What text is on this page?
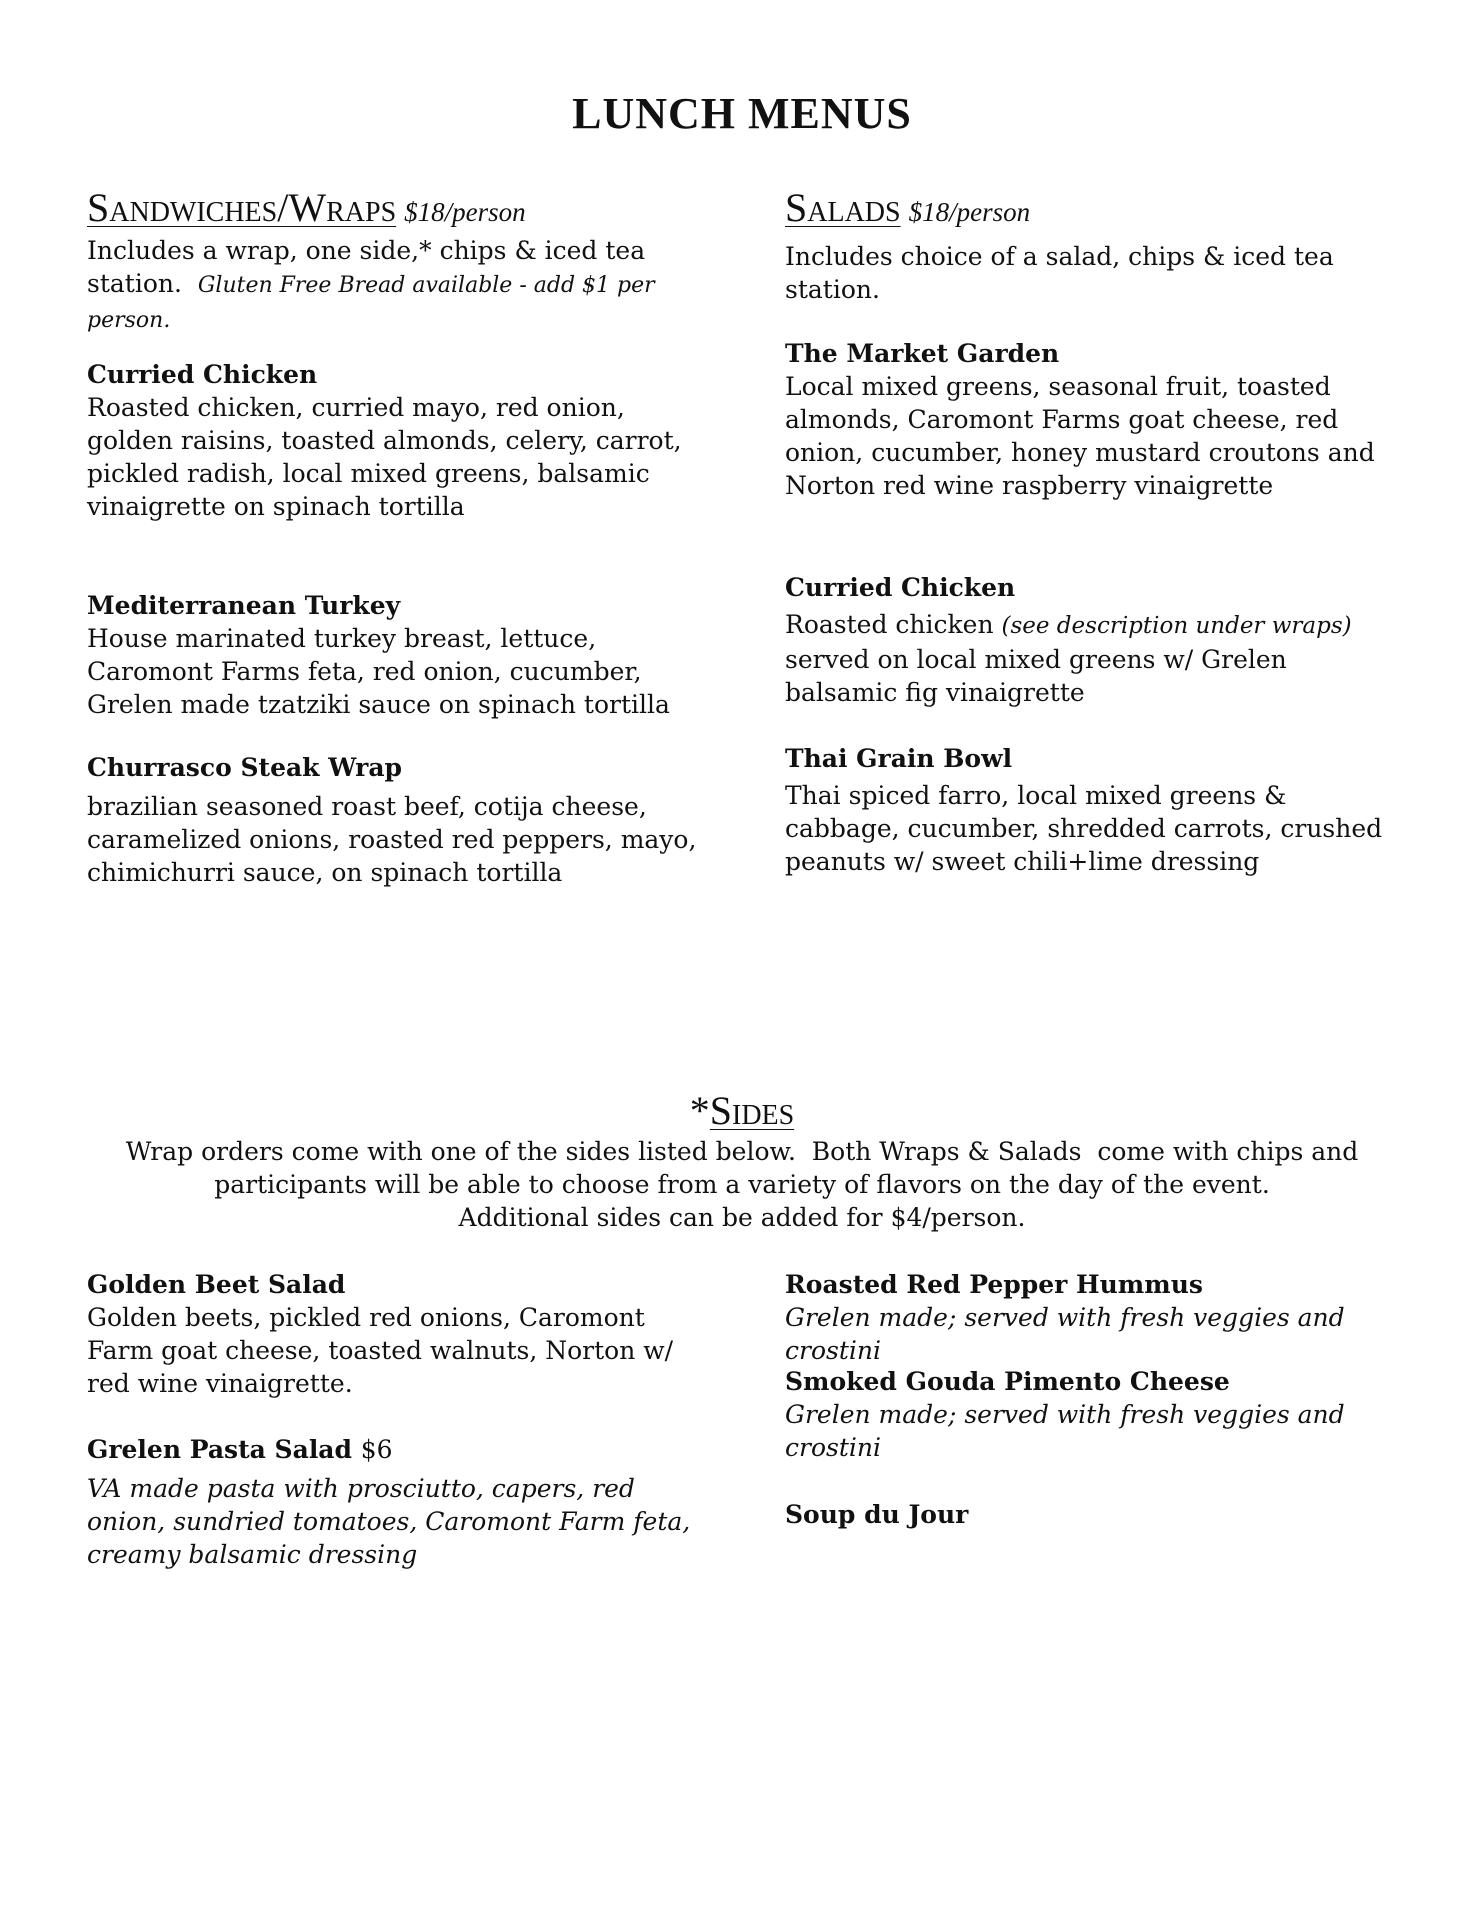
LUNCH MENUS
Sandwiches/Wraps $18/person
Includes a wrap, one side,* chips & iced tea
station. Gluten Free Bread available - add $1 per person.
Curried Chicken
Roasted chicken, curried mayo, red onion, golden raisins, toasted almonds, celery, carrot, pickled radish, local mixed greens, balsamic vinaigrette on spinach tortilla
Mediterranean Turkey
House marinated turkey breast, lettuce, Caromont Farms feta, red onion, cucumber, Grelen made tzatziki sauce on spinach tortilla
Churrasco Steak Wrap
brazilian seasoned roast beef, cotija cheese, caramelized onions, roasted red peppers, mayo, chimichurri sauce, on spinach tortilla
Salads $18/person
Includes choice of a salad, chips & iced tea station.
The Market Garden
Local mixed greens, seasonal fruit, toasted almonds, Caromont Farms goat cheese, red onion, cucumber, honey mustard croutons and Norton red wine raspberry vinaigrette
Curried Chicken
Roasted chicken (see description under wraps) served on local mixed greens w/ Grelen balsamic fig vinaigrette
Thai Grain Bowl
Thai spiced farro, local mixed greens & cabbage, cucumber, shredded carrots, crushed peanuts w/ sweet chili+lime dressing
*Sides
Wrap orders come with one of the sides listed below.  Both Wraps & Salads  come with chips and
participants will be able to choose from a variety of flavors on the day of the event.
Additional sides can be added for $4/person.
Golden Beet Salad
Golden beets, pickled red onions, Caromont Farm goat cheese, toasted walnuts, Norton w/ red wine vinaigrette.
Grelen Pasta Salad $6
VA made pasta with prosciutto, capers, red onion, sundried tomatoes, Caromont Farm feta, creamy balsamic dressing
Roasted Red Pepper Hummus
Grelen made; served with fresh veggies and crostini
Smoked Gouda Pimento Cheese
Grelen made; served with fresh veggies and crostini
Soup du Jour
